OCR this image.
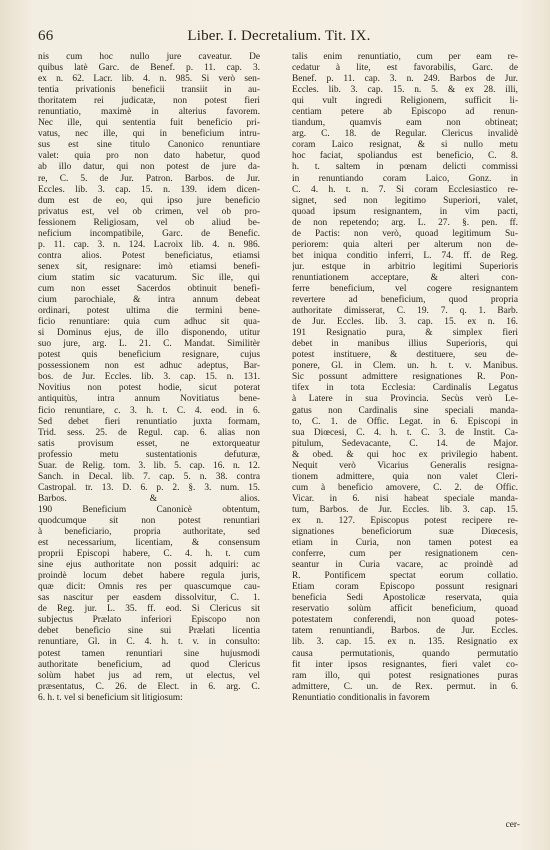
66	Liber. I. Decretalium. Tit. IX.
nis cum hoc nullo jure caveatur. De
quibus latè Garc. de Benef. p. 11. cap. 3.
ex n. 62. Lacr. lib. 4. n. 985. Si verò sen-
tentia privationis beneficii transiit in au-
thoritatem rei judicatæ, non potest fieri
renuntiatio, maximè in alterius favorem.
Nec ille, qui sententia fuit beneficio pri-
vatus, nec ille, qui in beneficium intru-
sus est sine titulo Canonico renuntiare
valet: quia pro non dato habetur, quod
ab illo datur, qui non potest de jure da-
re, C. 5. de Jur. Patron. Barbos. de Jur.
Eccles. lib. 3. cap. 15. n. 139. idem dicen-
dum est de eo, qui ipso jure beneficio
privatus est, vel ob crimen, vel ob pro-
fessionem Religiosam, vel ob aliud be-
neficium incompatibile, Garc. de Benefic.
p. 11. cap. 3. n. 124. Lacroix lib. 4. n. 986.
contra alios. Potest beneficiatus, etiamsi
senex sit, resignare: imò etiamsi benefi-
cium statim sic vacaturum. Sic ille, qui
cum non esset Sacerdos obtinuit benefi-
cium parochiale, & intra annum debeat
ordinari, potest ultima die termini bene-
ficio renuntiare: quia cum adhuc sit qua-
si Dominus ejus, de illo disponendo, utitur
suo jure, arg. L. 21. C. Mandat. Similitèr
potest quis beneficium resignare, cujus
possessionem non est adhuc adeptus, Bar-
bos. de Jur. Eccles. lib. 3. cap. 15. n. 131.
Novitius non potest hodie, sicut poterat
antiquitùs, intra annum Novitiatus bene-
ficio renuntiare, c. 3. h. t. C. 4. eod. in 6.
Sed debet fieri renuntiatio juxta formam,
Trid. sess. 25. de Regul. cap. 6. alias non
satis provisum esset, ne extorqueatur
professio metu sustentationis defuturæ,
Suar. de Relig. tom. 3. lib. 5. cap. 16. n. 12.
Sanch. in Decal. lib. 7. cap. 5. n. 38. contra
Castropal. tr. 13. D. 6. p. 2. §. 3. num. 15.
Barbos. & alios.
190 Beneficium Canonicè obtentum,
quodcumque sit non potest renuntiari
à beneficiario, propria authoritate, sed
est necessarium, licentiam, & consensum
proprii Episcopi habere, C. 4. h. t. cum
sine ejus authoritate non possit adquiri: ac
proindè locum debet habere regula juris,
quæ dicit: Omnis res per quascumque cau-
sas nascitur per easdem dissolvitur, C. 1.
de Reg. jur. L. 35. ff. eod. Si Clericus sit
subjectus Prælato inferiori Episcopo non
debet beneficio sine sui Prælati licentia
renuntiare, Gl. in C. 4. h. t. v. in consulto:
potest tamen renuntiari sine hujusmodi
authoritate beneficium, ad quod Clericus
solùm habet jus ad rem, ut electus, vel
præsentatus, C. 26. de Elect. in 6. arg. C.
6. h. t. vel si beneficium sit litigiosum:
talis enim renuntiatio, cum per eam re-
cedatur à lite, est favorabilis, Garc. de
Benef. p. 11. cap. 3. n. 249. Barbos de Jur.
Eccles. lib. 3. cap. 15. n. 5. & ex 28. illi,
qui vult ingredi Religionem, sufficit li-
centiam petere ab Episcopo ad renun-
tiandum, quamvis eam non obtineat;
arg. C. 18. de Regular. Clericus invalidè
coram Laico resignat, & si nullo metu
hoc faciat, spoliandus est beneficio, C. 8.
h. t. saltem in pœnam delicti commissi
in renuntiando coram Laico, Gonz. in
C. 4. h. t. n. 7. Si coram Ecclesiastico re-
signet, sed non legitimo Superiori, valet,
quoad ipsum resignantem, in vim pacti,
de non repetendo; arg. L. 27. §. pen. ff.
de Pactis: non verò, quoad legitimum Su-
periorem: quia alteri per alterum non de-
bet iniqua conditio inferri, L. 74. ff. de Reg.
jur. estque in arbitrio legitimi Superioris
renuntiationem acceptare, & alteri con-
ferre beneficium, vel cogere resignantem
revertere ad beneficium, quod propria
authoritate dimisserat, C. 19. 7. q. 1. Barb.
de Jur. Eccles. lib. 3. cap. 15. ex n. 16.
191 Resignatio pura, & simplex fieri
debet in manibus illius Superioris, qui
potest instituere, & destituere, seu de-
ponere, Gl. in Clem. un. h. t. v. Manibus.
Sic possunt admittere resignationes R. Pon-
tifex in tota Ecclesia: Cardinalis Legatus
à Latere in sua Provincia. Secùs verò Le-
gatus non Cardinalis sine speciali manda-
to, C. 1. de Offic. Legat. in 6. Episcopi in
sua Diœcesi, C. 4. h. t. C. 3. de Instit. Ca-
pitulum, Sedevacante, C. 14. de Major.
& obed. & qui hoc ex privilegio habent.
Nequit verò Vicarius Generalis resigna-
tionem admittere, quia non valet Cleri-
cum à beneficio amovere, C. 2. de Offic.
Vicar. in 6. nisi habeat speciale manda-
tum, Barbos. de Jur. Eccles. lib. 3. cap. 15.
ex n. 127. Episcopus potest recipere re-
signationes beneficiorum suæ Diœcesis,
etiam in Curia, non tamen potest ea
conferre, cum per resignationem cen-
seantur in Curia vacare, ac proindè ad
R. Pontificem spectat eorum collatio.
Etiam coram Episcopo possunt resignari
beneficia Sedi Apostolicæ reservata, quia
reservatio solùm afficit beneficium, quoad
potestatem conferendi, non quoad potes-
tatem renuntiandi, Barbos. de Jur. Eccles.
lib. 3. cap. 15. ex n. 135. Resignatio ex
causa permutationis, quando permutatio
fit inter ipsos resignantes, fieri valet co-
ram illo, qui potest resignationes puras
admittere, C. un. de Rex. permut. in 6.
Renuntiatio conditionalis in favorem
cer-
